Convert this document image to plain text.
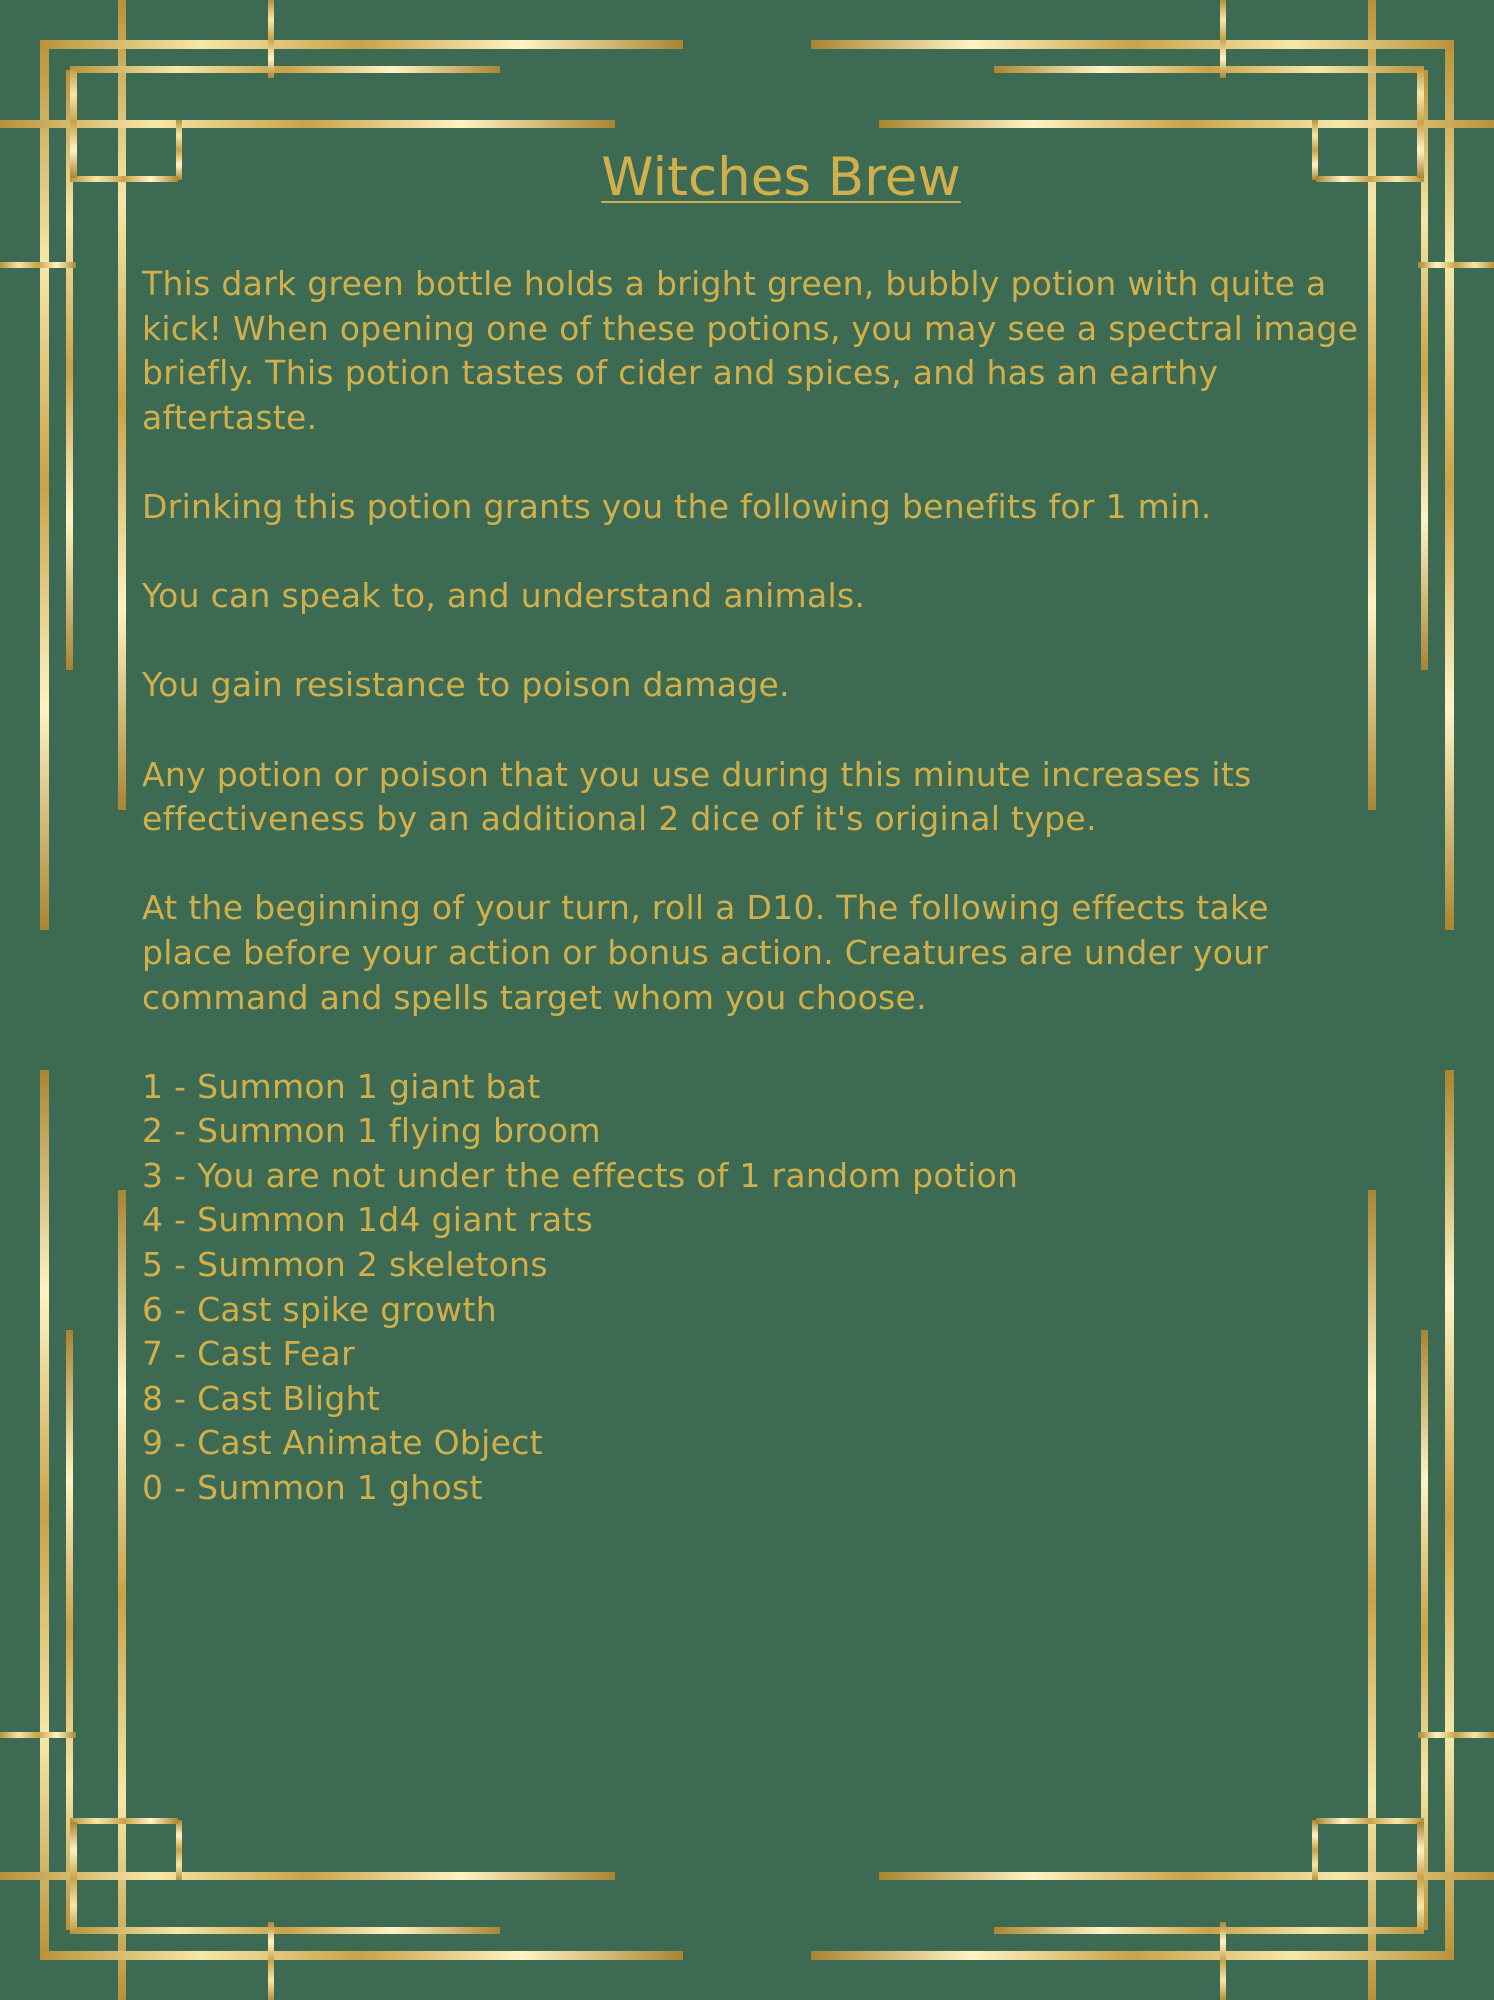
Witches Brew

This dark green bottle holds a bright green, bubbly potion with quite a kick! When opening one of these potions, you may see a spectral image briefly. This potion tastes of cider and spices, and has an earthy aftertaste.

Drinking this potion grants you the following benefits for 1 min.

You can speak to, and understand animals.

You gain resistance to poison damage.

Any potion or poison that you use during this minute increases its effectiveness by an additional 2 dice of it's original type.

At the beginning of your turn, roll a D10. The following effects take place before your action or bonus action. Creatures are under your command and spells target whom you choose.

1 - Summon 1 giant bat
2 - Summon 1 flying broom
3 - You are not under the effects of 1 random potion
4 - Summon 1d4 giant rats
5 - Summon 2 skeletons
6 - Cast spike growth
7 - Cast Fear
8 - Cast Blight
9 - Cast Animate Object
0 - Summon 1 ghost
